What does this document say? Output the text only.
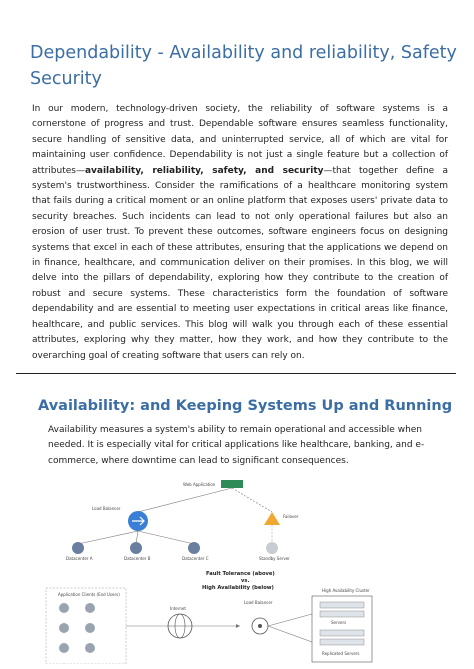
Dependability - Availability and reliability, Safety Security

In our modern, technology-driven society, the reliability of software systems is a cornerstone of progress and trust. Dependable software ensures seamless functionality, secure handling of sensitive data, and uninterrupted service, all of which are vital for maintaining user confidence. Dependability is not just a single feature but a collection of attributes—availability, reliability, safety, and security—that together define a system's trustworthiness. Consider the ramifications of a healthcare monitoring system that fails during a critical moment or an online platform that exposes users' private data to security breaches. Such incidents can lead to not only operational failures but also an erosion of user trust. To prevent these outcomes, software engineers focus on designing systems that excel in each of these attributes, ensuring that the applications we depend on in finance, healthcare, and communication deliver on their promises. In this blog, we will delve into the pillars of dependability, exploring how they contribute to the creation of robust and secure systems. These characteristics form the foundation of software dependability and are essential to meeting user expectations in critical areas like finance, healthcare, and public services. This blog will walk you through each of these essential attributes, exploring why they matter, how they work, and how they contribute to the overarching goal of creating software that users can rely on.

Availability: and Keeping Systems Up and Running

Availability measures a system's ability to remain operational and accessible when needed. It is especially vital for critical applications like healthcare, banking, and e-commerce, where downtime can lead to significant consequences.

Web Application
Load Balancer
Failover
Datacenter A	Datacenter B	Datacenter C	Standby Server
Fault Tolerance (above)
vs.
High Availability (below)
Application Clients (End Users)
Internet
Load Balancer
High Availability Cluster
Servers
Replicated Servers
